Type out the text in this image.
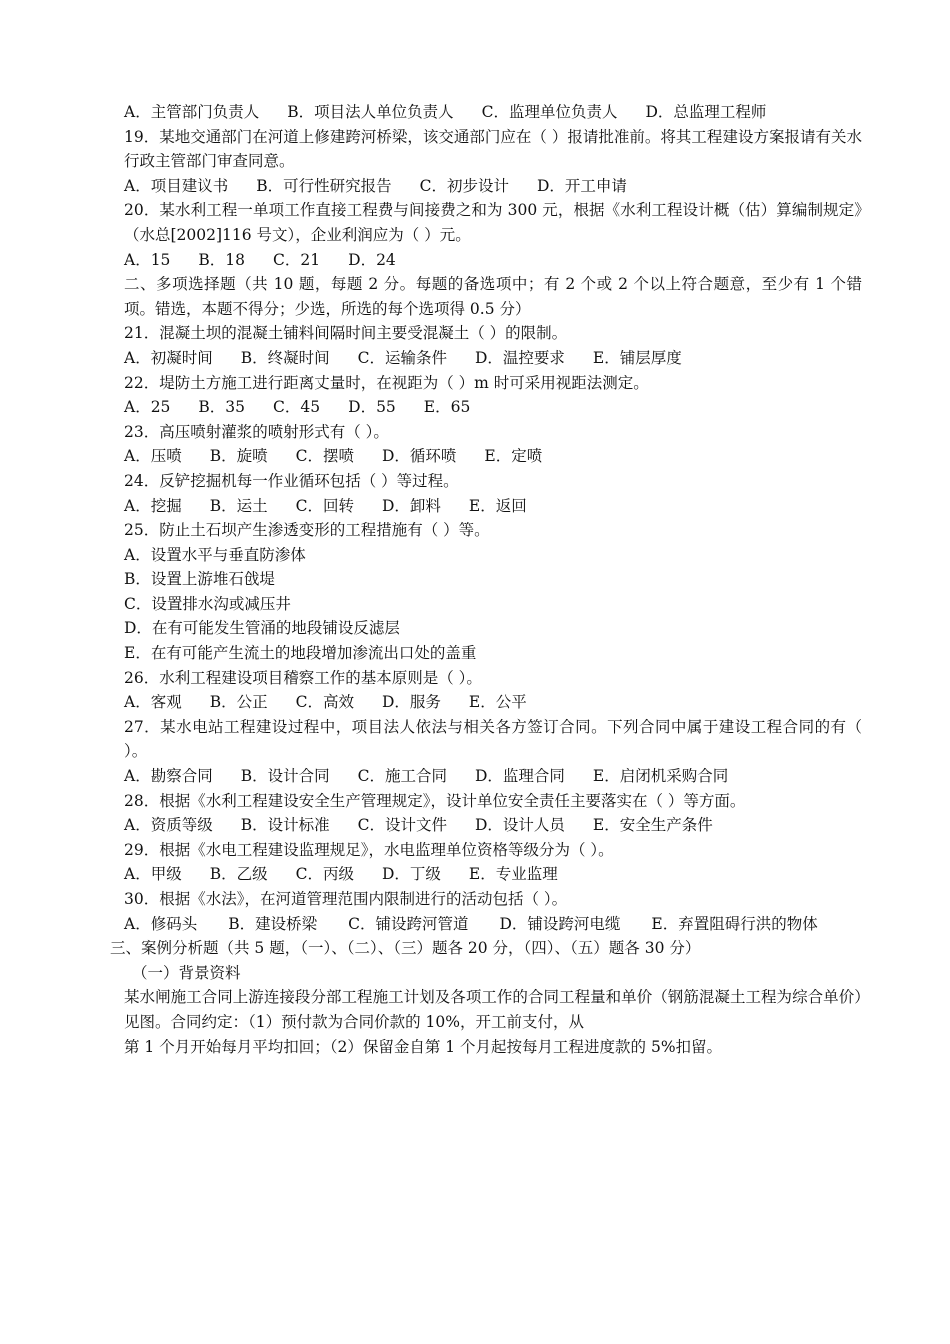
A．主管部门负责人 B．项目法人单位负责人 C．监理单位负责人 D．总监理工程师
19．某地交通部门在河道上修建跨河桥梁，该交通部门应在（ ）报请批准前。将其工程建设方案报请有关水行政主管部门审查同意。
A．项目建议书 B．可行性研究报告 C．初步设计 D．开工申请
20．某水利工程一单项工作直接工程费与间接费之和为 300 元，根据《水利工程设计概（估）算编制规定》（水总[2002]116 号文），企业利润应为（ ）元。
A．15 B．18 C．21 D．24
二、多项选择题（共 10 题，每题 2 分。每题的备选项中；有 2 个或 2 个以上符合题意，至少有 1 个错项。错选，本题不得分；少选，所选的每个选项得 0.5 分）
21．混凝土坝的混凝土铺料间隔时间主要受混凝土（ ）的限制。
A．初凝时间 B．终凝时间 C．运输条件 D．温控要求 E．铺层厚度
22．堤防土方施工进行距离丈量时，在视距为（ ）m 时可采用视距法测定。
A．25 B．35 C．45 D．55 E．65
23．高压喷射灌浆的喷射形式有（ ）。
A．压喷 B．旋喷 C．摆喷 D．循环喷 E．定喷
24．反铲挖掘机每一作业循环包括（ ）等过程。
A．挖掘 B．运土 C．回转 D．卸料 E．返回
25．防止土石坝产生渗透变形的工程措施有（ ）等。
A．设置水平与垂直防渗体
B．设置上游堆石戗堤
C．设置排水沟或减压井
D．在有可能发生管涌的地段铺设反滤层
E．在有可能产生流土的地段增加渗流出口处的盖重
26．水利工程建设项目稽察工作的基本原则是（ ）。
A．客观 B．公正 C．高效 D．服务 E．公平
27．某水电站工程建设过程中，项目法人依法与相关各方签订合同。下列合同中属于建设工程合同的有（ ）。
A．勘察合同 B．设计合同 C．施工合同 D．监理合同 E．启闭机采购合同
28．根据《水利工程建设安全生产管理规定》，设计单位安全责任主要落实在（ ）等方面。
A．资质等级 B．设计标准 C．设计文件 D．设计人员 E．安全生产条件
29．根据《水电工程建设监理规足》，水电监理单位资格等级分为（ ）。
A．甲级 B．乙级 C．丙级 D．丁级 E．专业监理
30．根据《水法》，在河道管理范围内限制进行的活动包括（ ）。
A．修码头　　B．建设桥梁　　C．铺设跨河管道　　D．铺设跨河电缆　　E．弃置阻碍行洪的物体
三、案例分析题（共 5 题，（一）、（二）、（三）题各 20 分，（四）、（五）题各 30 分）
（一）背景资料
某水闸施工合同上游连接段分部工程施工计划及各项工作的合同工程量和单价（钢筋混凝土工程为综合单价）见图。合同约定：（1）预付款为合同价款的 10%，开工前支付，从
第 1 个月开始每月平均扣回；（2）保留金自第 1 个月起按每月工程进度款的 5%扣留。
